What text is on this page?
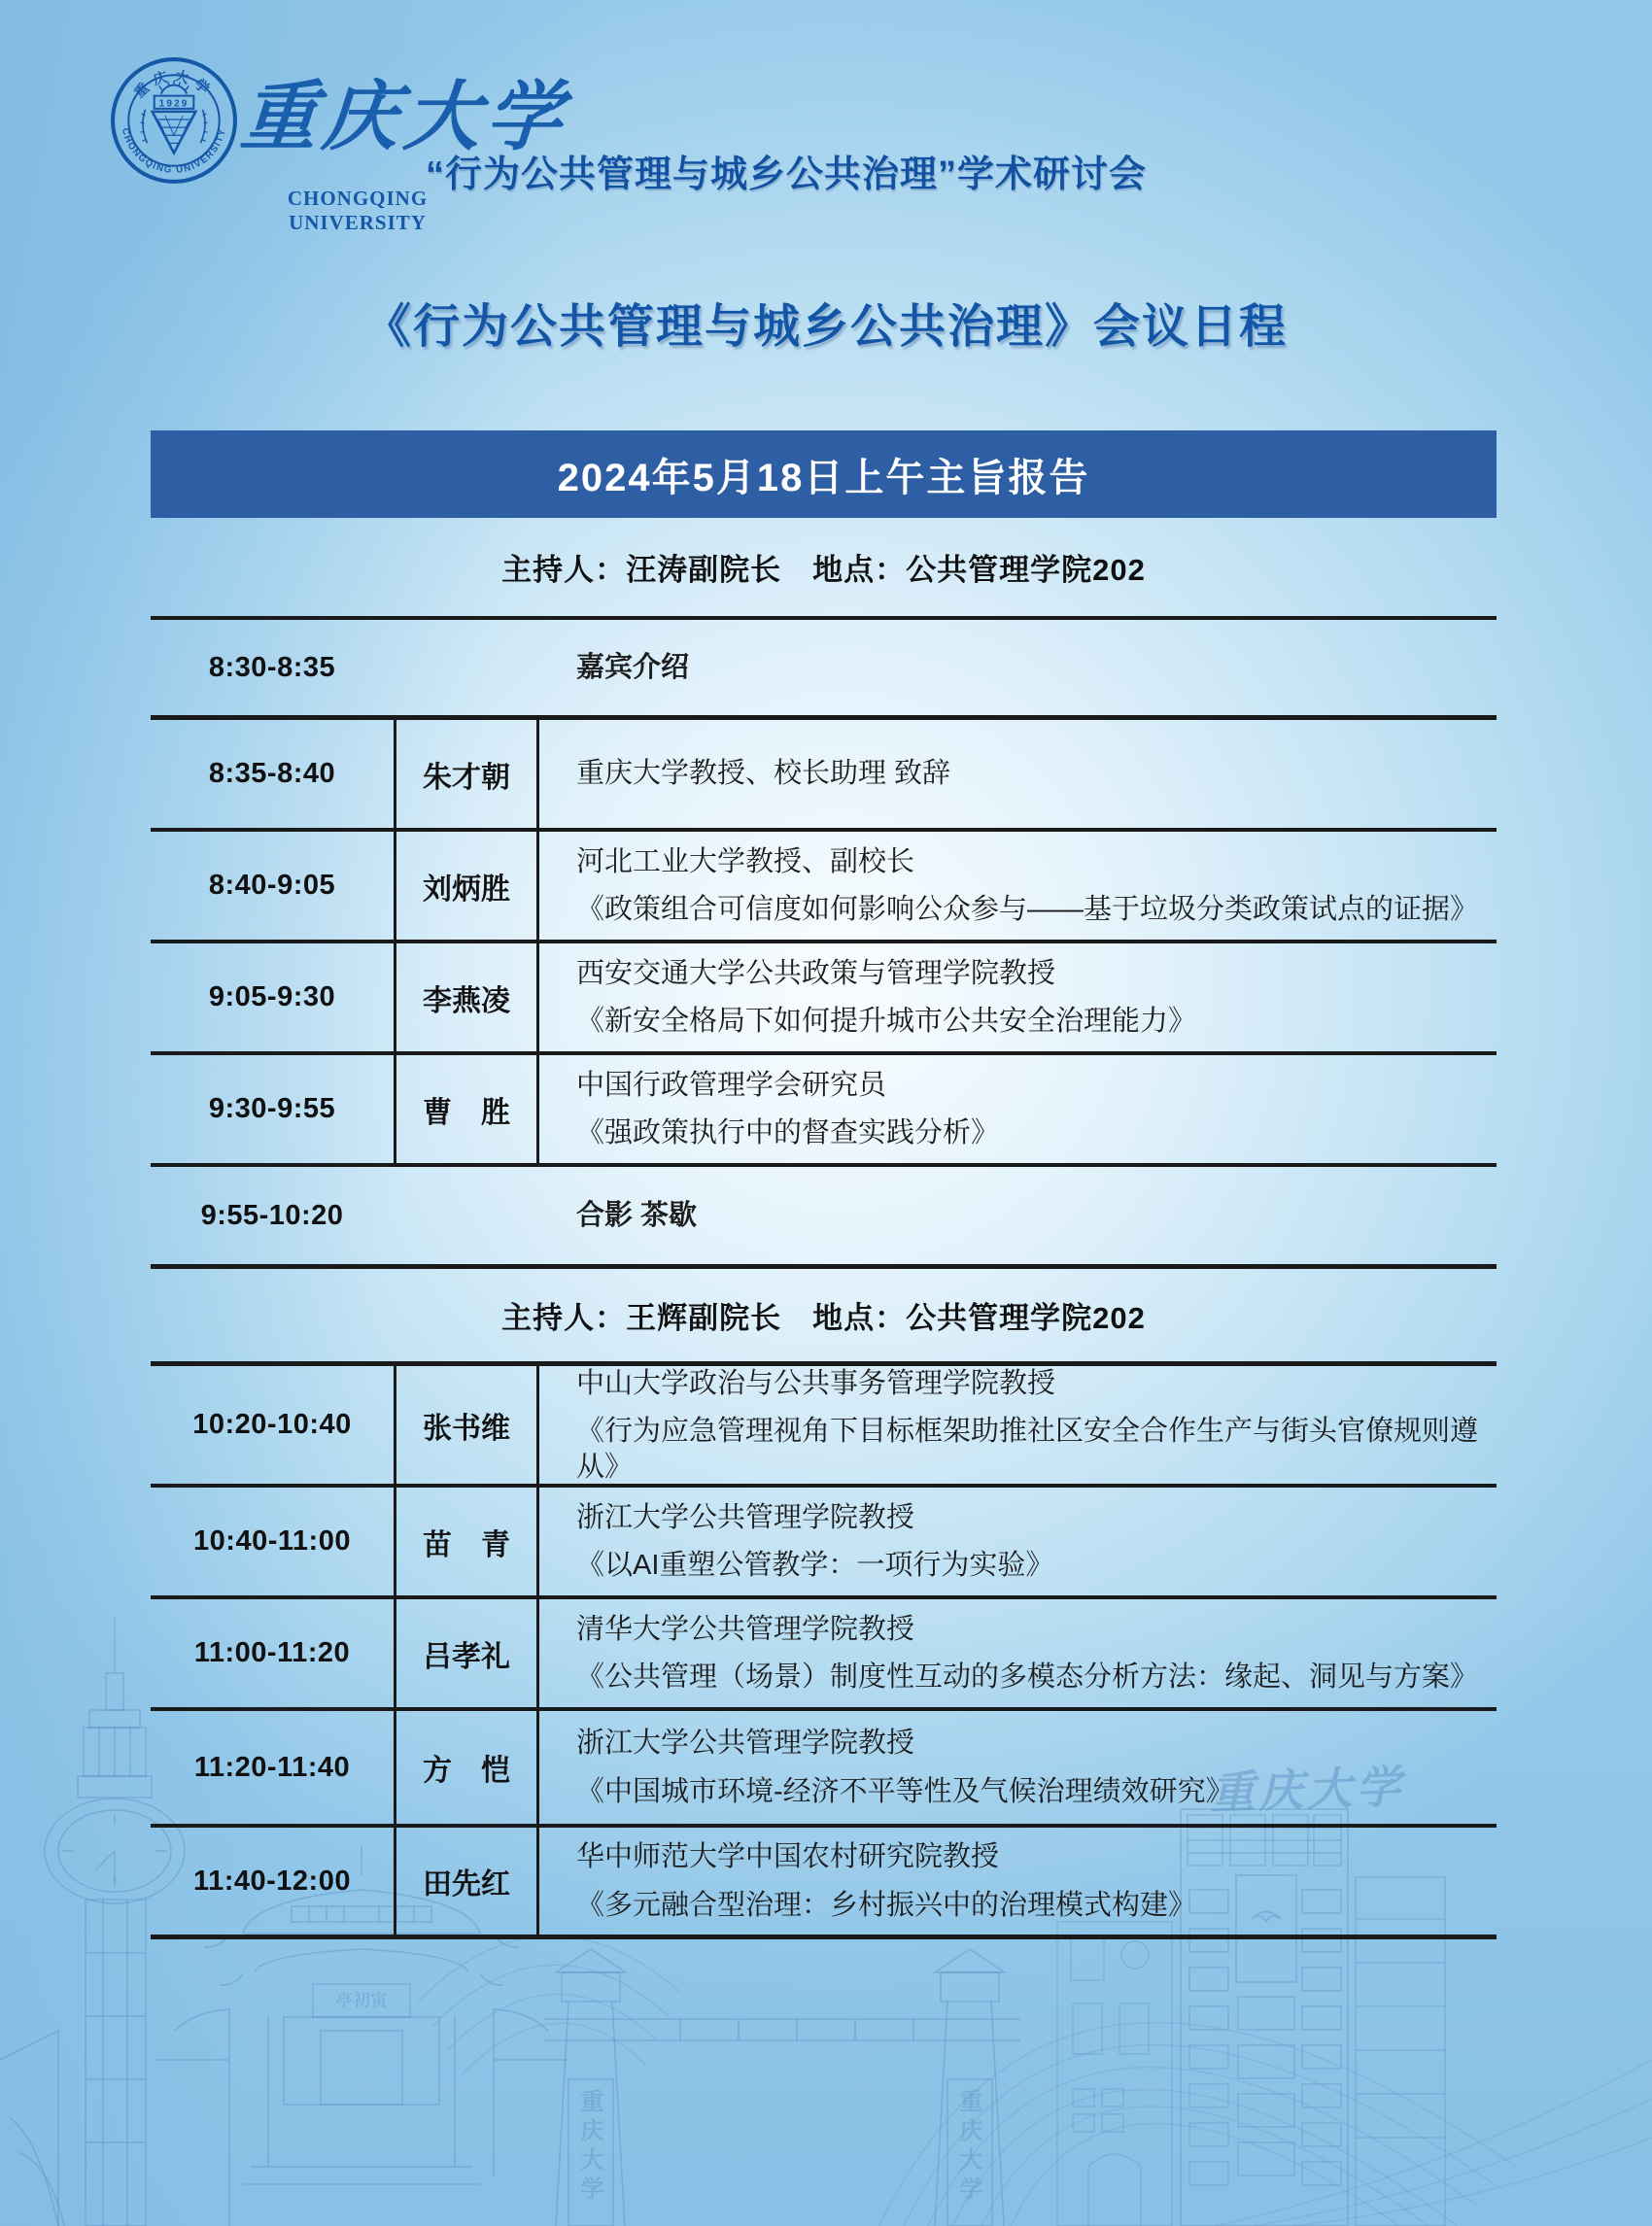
亭初寅
重庆大学
重庆大学	重庆大学
重庆大学
CHONGQING UNIVERSITY
1929 重庆大学
CHONGQING UNIVERSITY
“行为公共管理与城乡公共治理”学术研讨会
《行为公共管理与城乡公共治理》会议日程
2024年5月18日上午主旨报告
主持人：汪涛副院长　地点：公共管理学院202
8:30-8:35	嘉宾介绍
8:35-8:40	朱才朝	重庆大学教授、校长助理 致辞
8:40-9:05	刘炳胜
河北工业大学教授、副校长
《政策组合可信度如何影响公众参与——基于垃圾分类政策试点的证据》
9:05-9:30	李燕凌
西安交通大学公共政策与管理学院教授
《新安全格局下如何提升城市公共安全治理能力》
9:30-9:55	曹　胜
中国行政管理学会研究员
《强政策执行中的督查实践分析》
9:55-10:20	合影 茶歇
主持人：王辉副院长　地点：公共管理学院202
10:20-10:40	张书维
中山大学政治与公共事务管理学院教授
《行为应急管理视角下目标框架助推社区安全合作生产与街头官僚规则遵从》
10:40-11:00	苗　青
浙江大学公共管理学院教授
《以AI重塑公管教学：一项行为实验》
11:00-11:20	吕孝礼
清华大学公共管理学院教授
《公共管理（场景）制度性互动的多模态分析方法：缘起、洞见与方案》
11:20-11:40	方　恺
浙江大学公共管理学院教授
《中国城市环境-经济不平等性及气候治理绩效研究》
11:40-12:00	田先红
华中师范大学中国农村研究院教授
《多元融合型治理：乡村振兴中的治理模式构建》
